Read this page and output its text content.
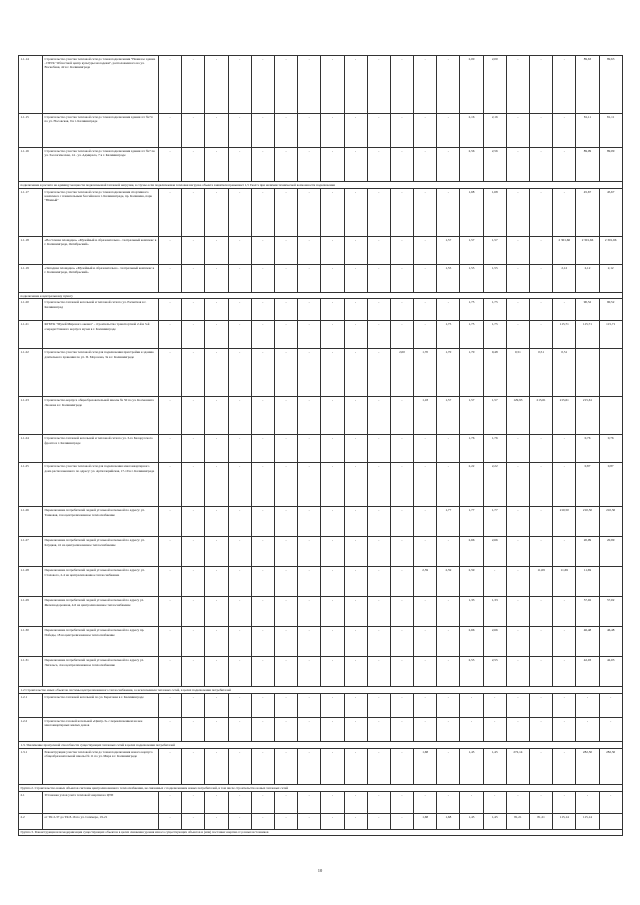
1.1.14	Строительство участка тепловой сети до точки подключения "Нежилое здание - ГБУК "Областной центр культуры молодежи", расположенного на ул. Воскобная, 42 в г. Калининграде	-	-	-	-	-	-	-	-	-	-	-	-	-	2,00	2,00	-	-	-	89,63	89,63
1.1.15	Строительство участка тепловой сети до точки подключения здания л/с №74 по ул. Носовская, 9 в г. Калининграде	-	-	-	-	-	-	-	-	-	-	-	-	-	2,16	2,16	-	-	-	81,11	81,11
1.1.16	Строительство участка тепловой сети до точки подключения здания л/с №7 по ул. Зоологическая, 14 - ул. Адмирала, 7 в г. Калининграде	-	-	-	-	-	-	-	-	-	-	-	-	-	2,56	2,56	-	-	-	89,09	89,09
подключение в расчете на единицу мощности подключаемой тепловой нагрузки, в случае если подключаемая тепловая нагрузка объекта заявителя превышает 1,5 Гкал/ч при наличии технической возможности подключения																					
1.1.17	Строительство участка тепловой сети до точки подключения спортивного комплекса с плавательным бассейном в г. Калининграде, пр. Калинина, парк "Южный"	-	-	-	-	-	-	-	-	-	-	-	-	-	1,68	1,68	-	-	-	45,67	45,67
1.1.18	«Восточная площадка» «Музейный и образовательно - театральный комплекс в г. Калининграде, Октябрьский»	-	-	-	-	-	-	-	-	-	-	-	-	1,57	1,57	1,57	-	-	2 301,66	2 301,66	2 301,66
1.1.19	«Западная площадка» «Музейный и образовательно - театральный комплекс в г. Калининграде, Октябрьский»	-	-	-	-	-	-	-	-	-	-	-	-	1,55	1,55	1,55	-	-	2,12	2,12	2,12
подключение к центральному пункту																					
1.1.20	Строительство тепловой котельной и тепловой сети по ул. Расветная в г. Калининград	-	-	-	-	-	-	-	-	-	-	-	-	-	1,75	1,75	-	-	-	90,52	90,52
1.1.21	ФГБУК "Музей Мирового океана" - строительство транспортной 2-й и 3-й очереди Главного корпуса музея в г. Калининграде	-	-	-	-	-	-	-	-	-	-	-	-	1,75	1,75	1,75	-	-	115,71	115,71	115,71
1.1.22	Строительство участка тепловой сети для подключения пристройки к зданию длительного хранения по ул. П. Морозова, 3а в г. Калининграде	-	-	-	-	-	-	-	-	-	-	2,00	1,70	1,70	1,70	0,48	0,51	0,51	0,51		
1.1.23	Строительство корпуса общеобразовательной школы № 50 по ул. Космонавта Леонова в г. Калининграде	-	-	-	-	-	-	-	-	-	-	-	1,18	1,57	1,57	1,57	129,93	215,61	215,61	215,61	
1.1.24	Строительство тепловой котельной и тепловой сети по ул. 3-го Белорусского фронта в г. Калининграде	-	-	-	-	-	-	-	-	-	-	-	-	-	1,76	1,76	-	-	-	0,76	0,76
1.1.25	Строительство участка тепловой сети для подключения многоквартирного дома расположенного по адресу: ул. Артиллерийская, 17-19 в г. Калининграде	-	-	-	-	-	-	-	-	-	-	-	-	-	2,22	2,22	-	-	-	0,87	0,87
1.1.26	Переключение потребителей чадной угольной котельной по адресу: ул. Танковая, 4 на централизованное теплоснабжение	-	-	-	-	-	-	-	-	-	-	-	-	1,77	1,77	1,77	-	-	210,50	210,50	210,50
1.1.27	Переключение потребителей чадной угольной котельной по адресу: ул. Клуцкая, 41 на централизованное теплоснабжение	-	-	-	-	-	-	-	-	-	-	-	-	-	2,66	2,66	-	-	-	20,99	20,99
1.1.28	Переключение потребителей чадной угольной котельной по адресу: ул. Стахового, 2-4 на централизованное теплоснабжение	-	-	-	-	-	-	-	-	-	-	-	2,59	2,59	2,59	-	-	11,69	11,69	11,69	
1.1.29	Переключение потребителей чадной угольной котельной по адресу ул. Железнодорожная, 4-6 на централизованное теплоснабжение	-	-	-	-	-	-	-	-	-	-	-	-	-	1,33	1,33	-	-	-	57,02	57,02
1.1.30	Переключение потребителей чадной угольной котельной по адресу пр. Победы, 18 на централизованное теплоснабжение	-	-	-	-	-	-	-	-	-	-	-	-	-	2,66	2,66	-	-	-	46,48	46,48
1.1.31	Переключение потребителей чадной угольной котельной по адресу ул. Энгельса, 4 на централизованное теплоснабжение	-	-	-	-	-	-	-	-	-	-	-	-	-	2,55	2,55	-	-	-	42,03	42,03
1.2 Строительство иных объектов системы централизованного теплоснабжения, за исключением тепловых сетей, в целях подключения потребителей																					
1.2.1	Строительство тепловой котельной по ул. Береговая в г. Калининграде	-	-	-	-	-	-	-	-	-	-	-	-	-	-	-	-	-	-	-	-
1.2.2	Строительство газовой котельной «Центр-3» с переключением на нее многоквартирных жилых домов	-	-	-	-	-	-	-	-	-	-	-	-	-	-	-	-	-	-	-	-
1.3. Увеличение пропускной способности существующих тепловых сетей в целях подключения потребителей																					
1.3.1	Реконструкция участка тепловой сети до точки подключения нового корпуса общеобразовательной школы № 11 по ул. Мира в г. Калининграде	-	-	-	-	-	-	-	-	-	-	-	1,68	-	1,45	1,45	272,14	-	-	282,50	282,50
Группа 2. Строительство новых объектов системы централизованного теплоснабжения, не связанных с подключением новых потребителей, в том числе строительство новых тепловых сетей																					
2.1	Установка узлов учета тепловой энергии на ЦТП	-	-	-	-	-	-	-	-	-	-	-	-	-	-	-	-	-	-	-	-
2.2	от ТК 2-37 до ТК 8-16 по ул. Соммера, 19-21	-	-	-	-	-	-	-	-	-	-	-	1,68	1,68	1,45	1,45	81,21	81,21	115,14	115,14	
Группа 3. Реконструкция или модернизация существующих объектов в целях снижения уровня износа существующих объектов и (или) поставки энергии от разных источников																					
10
